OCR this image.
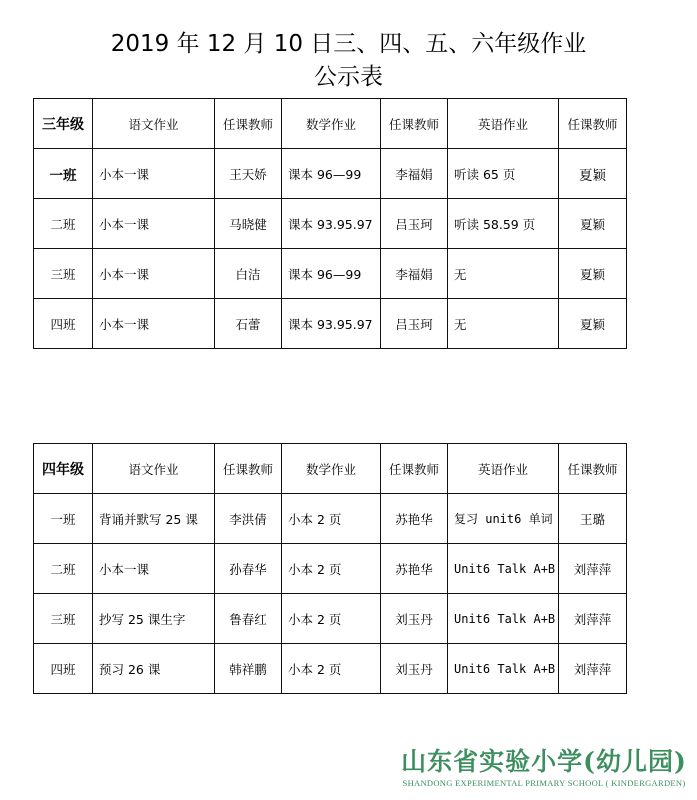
2019 年 12 月 10 日三、四、五、六年级作业
公示表
三年级	语文作业	任课教师	数学作业	任课教师	英语作业	任课教师
一班	小本一课	王天娇	课本 96—99	李福娟	听读 65 页	夏颖
二班	小本一课	马晓健	课本 93.95.97	吕玉珂	听读 58.59 页	夏颖
三班	小本一课	白洁	课本 96—99	李福娟	无	夏颖
四班	小本一课	石蕾	课本 93.95.97	吕玉珂	无	夏颖
四年级	语文作业	任课教师	数学作业	任课教师	英语作业	任课教师
一班	背诵并默写 25 课	李洪倩	小本 2 页	苏艳华	复习 unit6 单词	王璐
二班	小本一课	孙春华	小本 2 页	苏艳华	Unit6 Talk A+B	刘萍萍
三班	抄写 25 课生字	鲁春红	小本 2 页	刘玉丹	Unit6 Talk A+B	刘萍萍
四班	预习 26 课	韩祥鹏	小本 2 页	刘玉丹	Unit6 Talk A+B	刘萍萍
山东省实验小学(幼儿园)
SHANDONG EXPERIMENTAL PRIMARY SCHOOL ( KINDERGARDEN)
